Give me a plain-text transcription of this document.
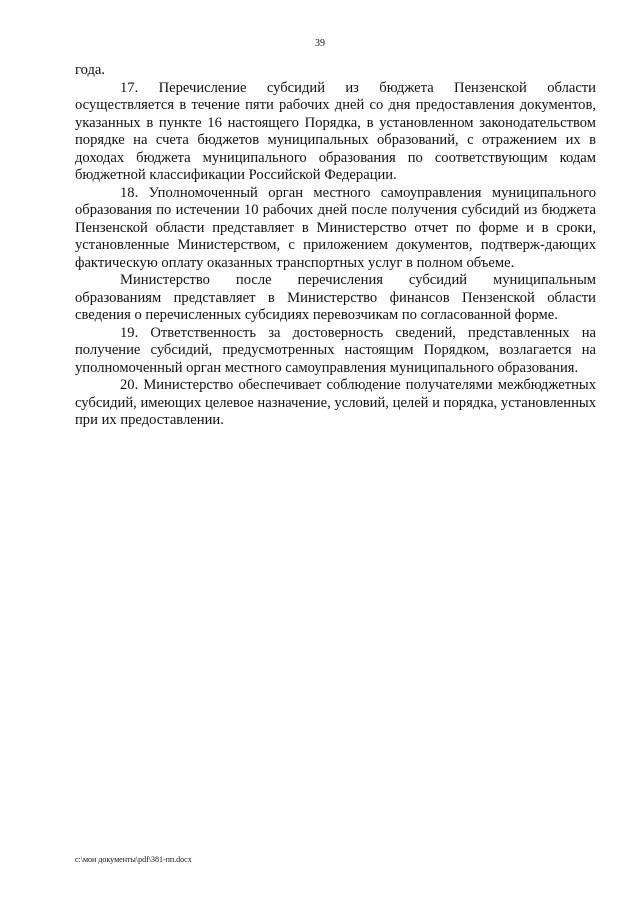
39

года.

17. Перечисление субсидий из бюджета Пензенской области осуществляется в течение пяти рабочих дней со дня предоставления документов, указанных в пункте 16 настоящего Порядка, в установленном законодательством порядке на счета бюджетов муниципальных образований, с отражением их в доходах бюджета муниципального образования по соответствующим кодам бюджетной классификации Российской Федерации.

18. Уполномоченный орган местного самоуправления муниципального образования по истечении 10 рабочих дней после получения субсидий из бюджета Пензенской области представляет в Министерство отчет по форме и в сроки, установленные Министерством, с приложением документов, подтверж-дающих фактическую оплату оказанных транспортных услуг в полном объеме.

Министерство после перечисления субсидий муниципальным образованиям представляет в Министерство финансов Пензенской области сведения о перечисленных субсидиях перевозчикам по согласованной форме.

19. Ответственность за достоверность сведений, представленных на получение субсидий, предусмотренных настоящим Порядком, возлагается на уполномоченный орган местного самоуправления муниципального образования.

20. Министерство обеспечивает соблюдение получателями межбюджетных субсидий, имеющих целевое назначение, условий, целей и порядка, установленных при их предоставлении.

c:\мои документы\pdf\381-пп.docx
